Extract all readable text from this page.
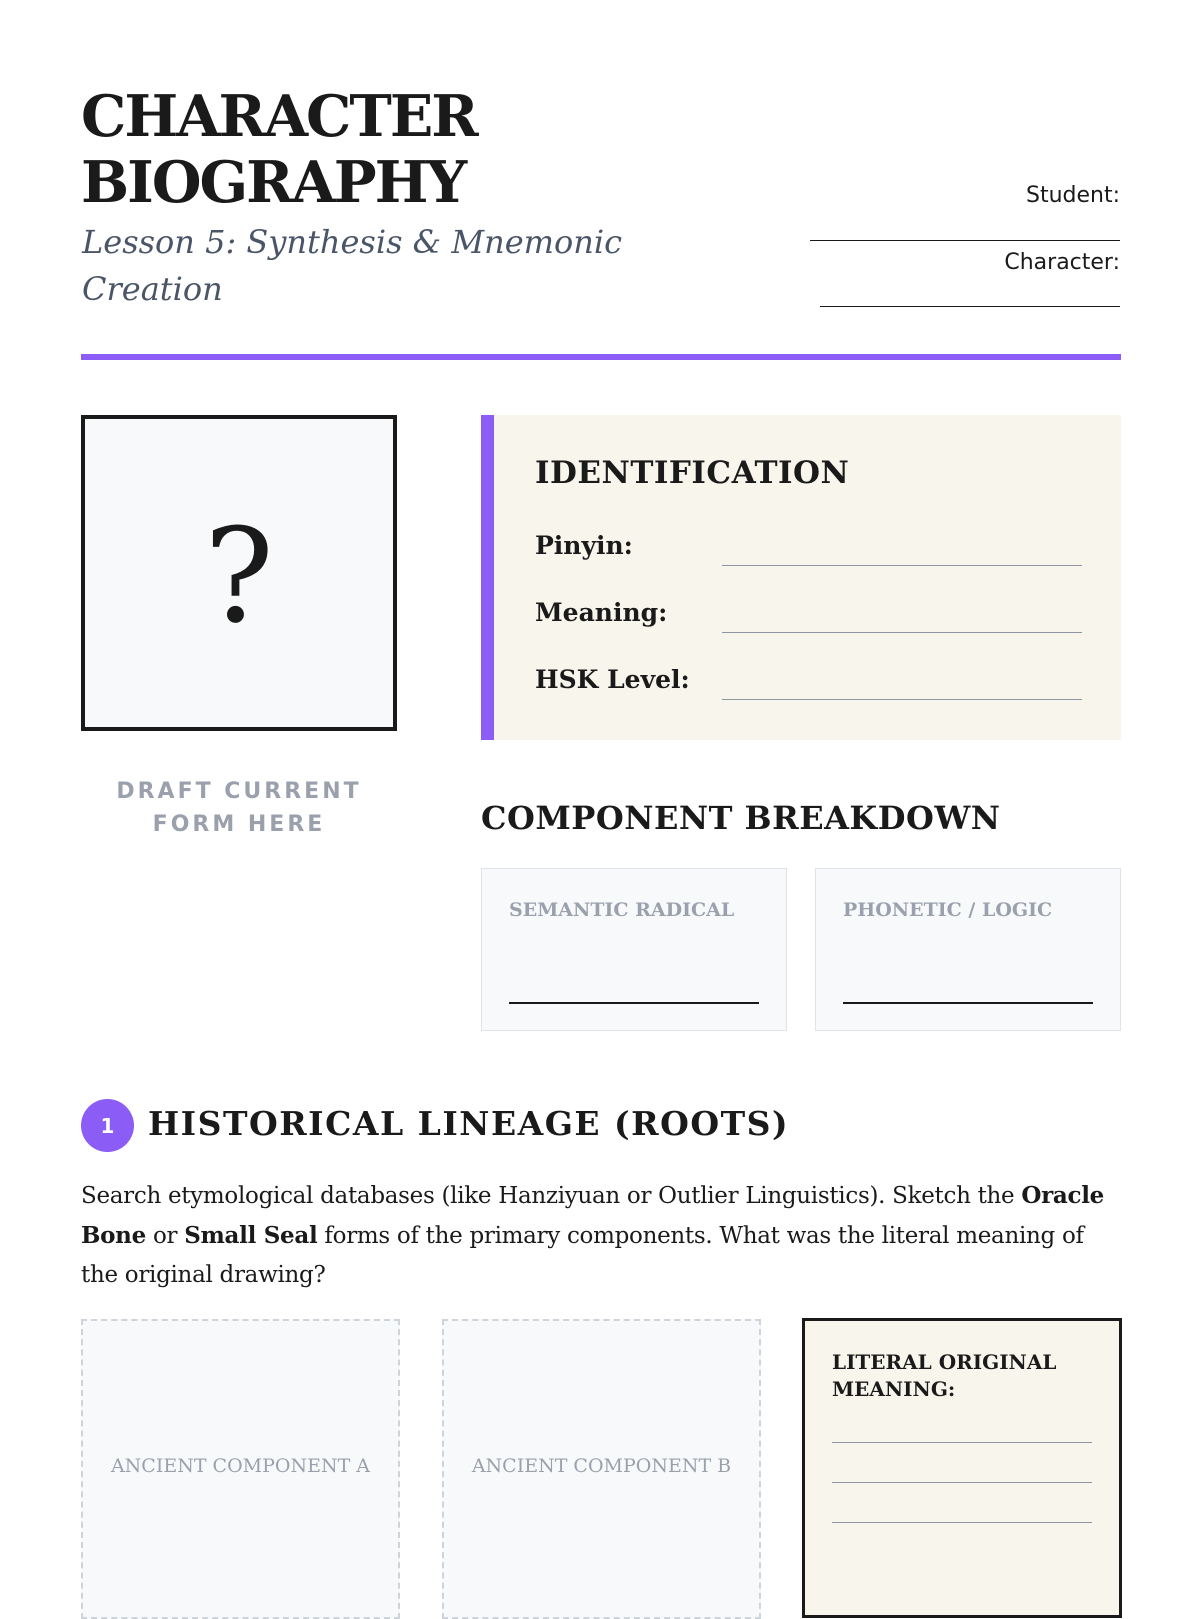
CHARACTER BIOGRAPHY

Lesson 5: Synthesis & Mnemonic Creation

Student:
Character:
?
DRAFT CURRENT FORM HERE
IDENTIFICATION
Pinyin:
Meaning:
HSK Level:
COMPONENT BREAKDOWN
SEMANTIC RADICAL	PHONETIC / LOGIC
1	HISTORICAL LINEAGE (ROOTS)

Search etymological databases (like Hanziyuan or Outlier Linguistics). Sketch the Oracle Bone or Small Seal forms of the primary components. What was the literal meaning of the original drawing?

ANCIENT COMPONENT A	ANCIENT COMPONENT B
LITERAL ORIGINAL MEANING:
